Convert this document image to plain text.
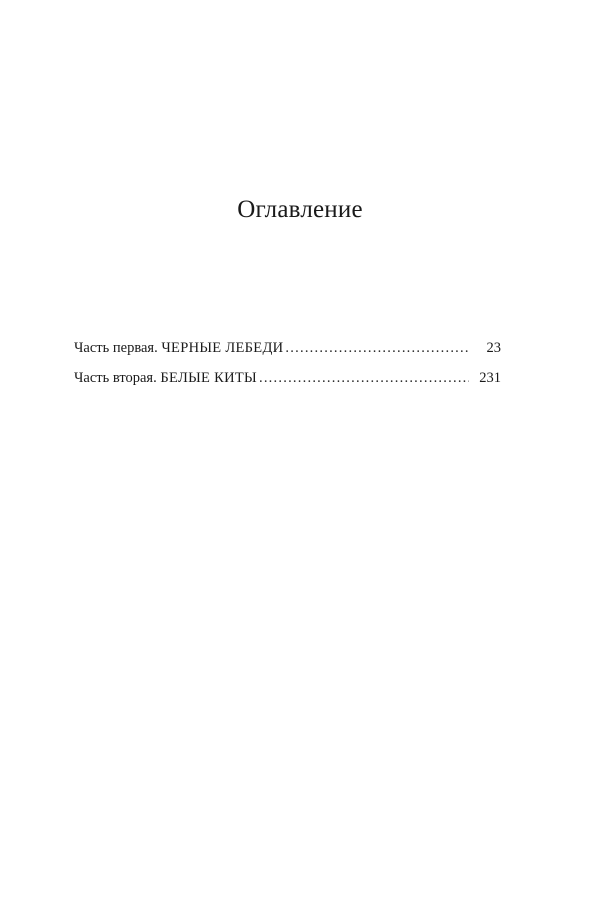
Оглавление
Часть первая. ЧЕРНЫЕ ЛЕБЕДИ . . .	23
Часть вторая. БЕЛЫЕ КИТЫ . . .	231
